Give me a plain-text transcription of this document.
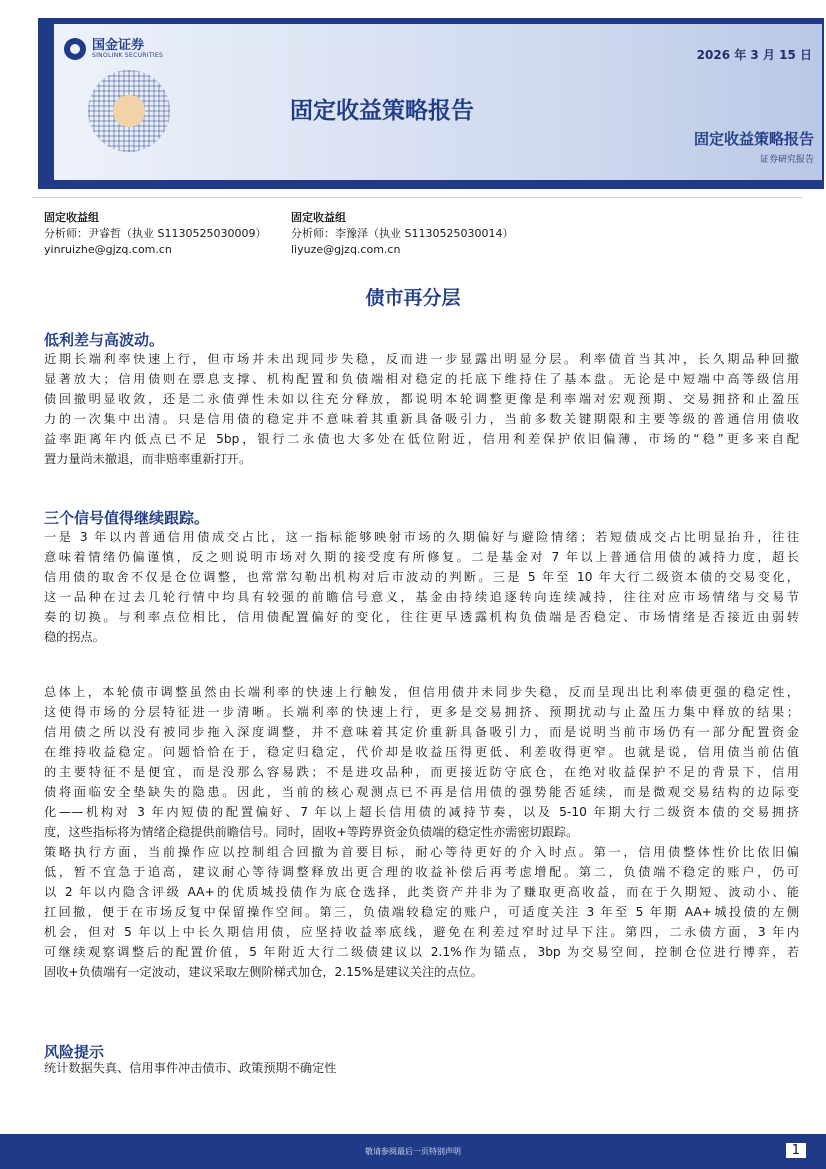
国金证券
SINOLINK SECURITIES	2026 年 3 月 15 日
固定收益策略报告
固定收益策略报告
证券研究报告
固定收益组
分析师：尹睿哲（执业 S1130525030009）
yinruizhe@gjzq.com.cn
固定收益组
分析师：李豫泽（执业 S1130525030014）
liyuze@gjzq.com.cn
债市再分层
低利差与高波动。
近期长端利率快速上行，但市场并未出现同步失稳，反而进一步显露出明显分层。利率债首当其冲，长久期品种回撤
显著放大；信用债则在票息支撑、机构配置和负债端相对稳定的托底下维持住了基本盘。无论是中短端中高等级信用
债回撤明显收敛，还是二永债弹性未如以往充分释放，都说明本轮调整更像是利率端对宏观预期、交易拥挤和止盈压
力的一次集中出清。只是信用债的稳定并不意味着其重新具备吸引力，当前多数关键期限和主要等级的普通信用债收
益率距离年内低点已不足 5bp，银行二永债也大多处在低位附近，信用利差保护依旧偏薄，市场的“稳”更多来自配
置力量尚未撤退，而非赔率重新打开。
三个信号值得继续跟踪。
一是 3 年以内普通信用债成交占比，这一指标能够映射市场的久期偏好与避险情绪；若短债成交占比明显抬升，往往
意味着情绪仍偏谨慎，反之则说明市场对久期的接受度有所修复。二是基金对 7 年以上普通信用债的减持力度，超长
信用债的取舍不仅是仓位调整，也常常勾勒出机构对后市波动的判断。三是 5 年至 10 年大行二级资本债的交易变化，
这一品种在过去几轮行情中均具有较强的前瞻信号意义，基金由持续追逐转向连续减持，往往对应市场情绪与交易节
奏的切换。与利率点位相比，信用债配置偏好的变化，往往更早透露机构负债端是否稳定、市场情绪是否接近由弱转
稳的拐点。
总体上，本轮债市调整虽然由长端利率的快速上行触发，但信用债并未同步失稳，反而呈现出比利率债更强的稳定性，
这使得市场的分层特征进一步清晰。长端利率的快速上行，更多是交易拥挤、预期扰动与止盈压力集中释放的结果；
信用债之所以没有被同步拖入深度调整，并不意味着其定价重新具备吸引力，而是说明当前市场仍有一部分配置资金
在维持收益稳定。问题恰恰在于，稳定归稳定，代价却是收益压得更低、利差收得更窄。也就是说，信用债当前估值
的主要特征不是便宜，而是没那么容易跌；不是进攻品种，而更接近防守底仓，在绝对收益保护不足的背景下，信用
债将面临安全垫缺失的隐患。因此，当前的核心观测点已不再是信用债的强势能否延续，而是微观交易结构的边际变
化——机构对 3 年内短债的配置偏好、7 年以上超长信用债的减持节奏，以及 5-10 年期大行二级资本债的交易拥挤
度，这些指标将为情绪企稳提供前瞻信号。同时，固收+等跨界资金负债端的稳定性亦需密切跟踪。
策略执行方面，当前操作应以控制组合回撤为首要目标，耐心等待更好的介入时点。第一，信用债整体性价比依旧偏
低，暂不宜急于追高，建议耐心等待调整释放出更合理的收益补偿后再考虑增配。第二，负债端不稳定的账户，仍可
以 2 年以内隐含评级 AA+的优质城投债作为底仓选择，此类资产并非为了赚取更高收益，而在于久期短、波动小、能
扛回撤，便于在市场反复中保留操作空间。第三，负债端较稳定的账户，可适度关注 3 年至 5 年期 AA+城投债的左侧
机会，但对 5 年以上中长久期信用债，应坚持收益率底线，避免在利差过窄时过早下注。第四，二永债方面，3 年内
可继续观察调整后的配置价值，5 年附近大行二级债建议以 2.1%作为锚点，3bp 为交易空间，控制仓位进行博弈，若
固收+负债端有一定波动，建议采取左侧阶梯式加仓，2.15%是建议关注的点位。
风险提示
统计数据失真、信用事件冲击债市、政策预期不确定性
敬请参阅最后一页特别声明	1
